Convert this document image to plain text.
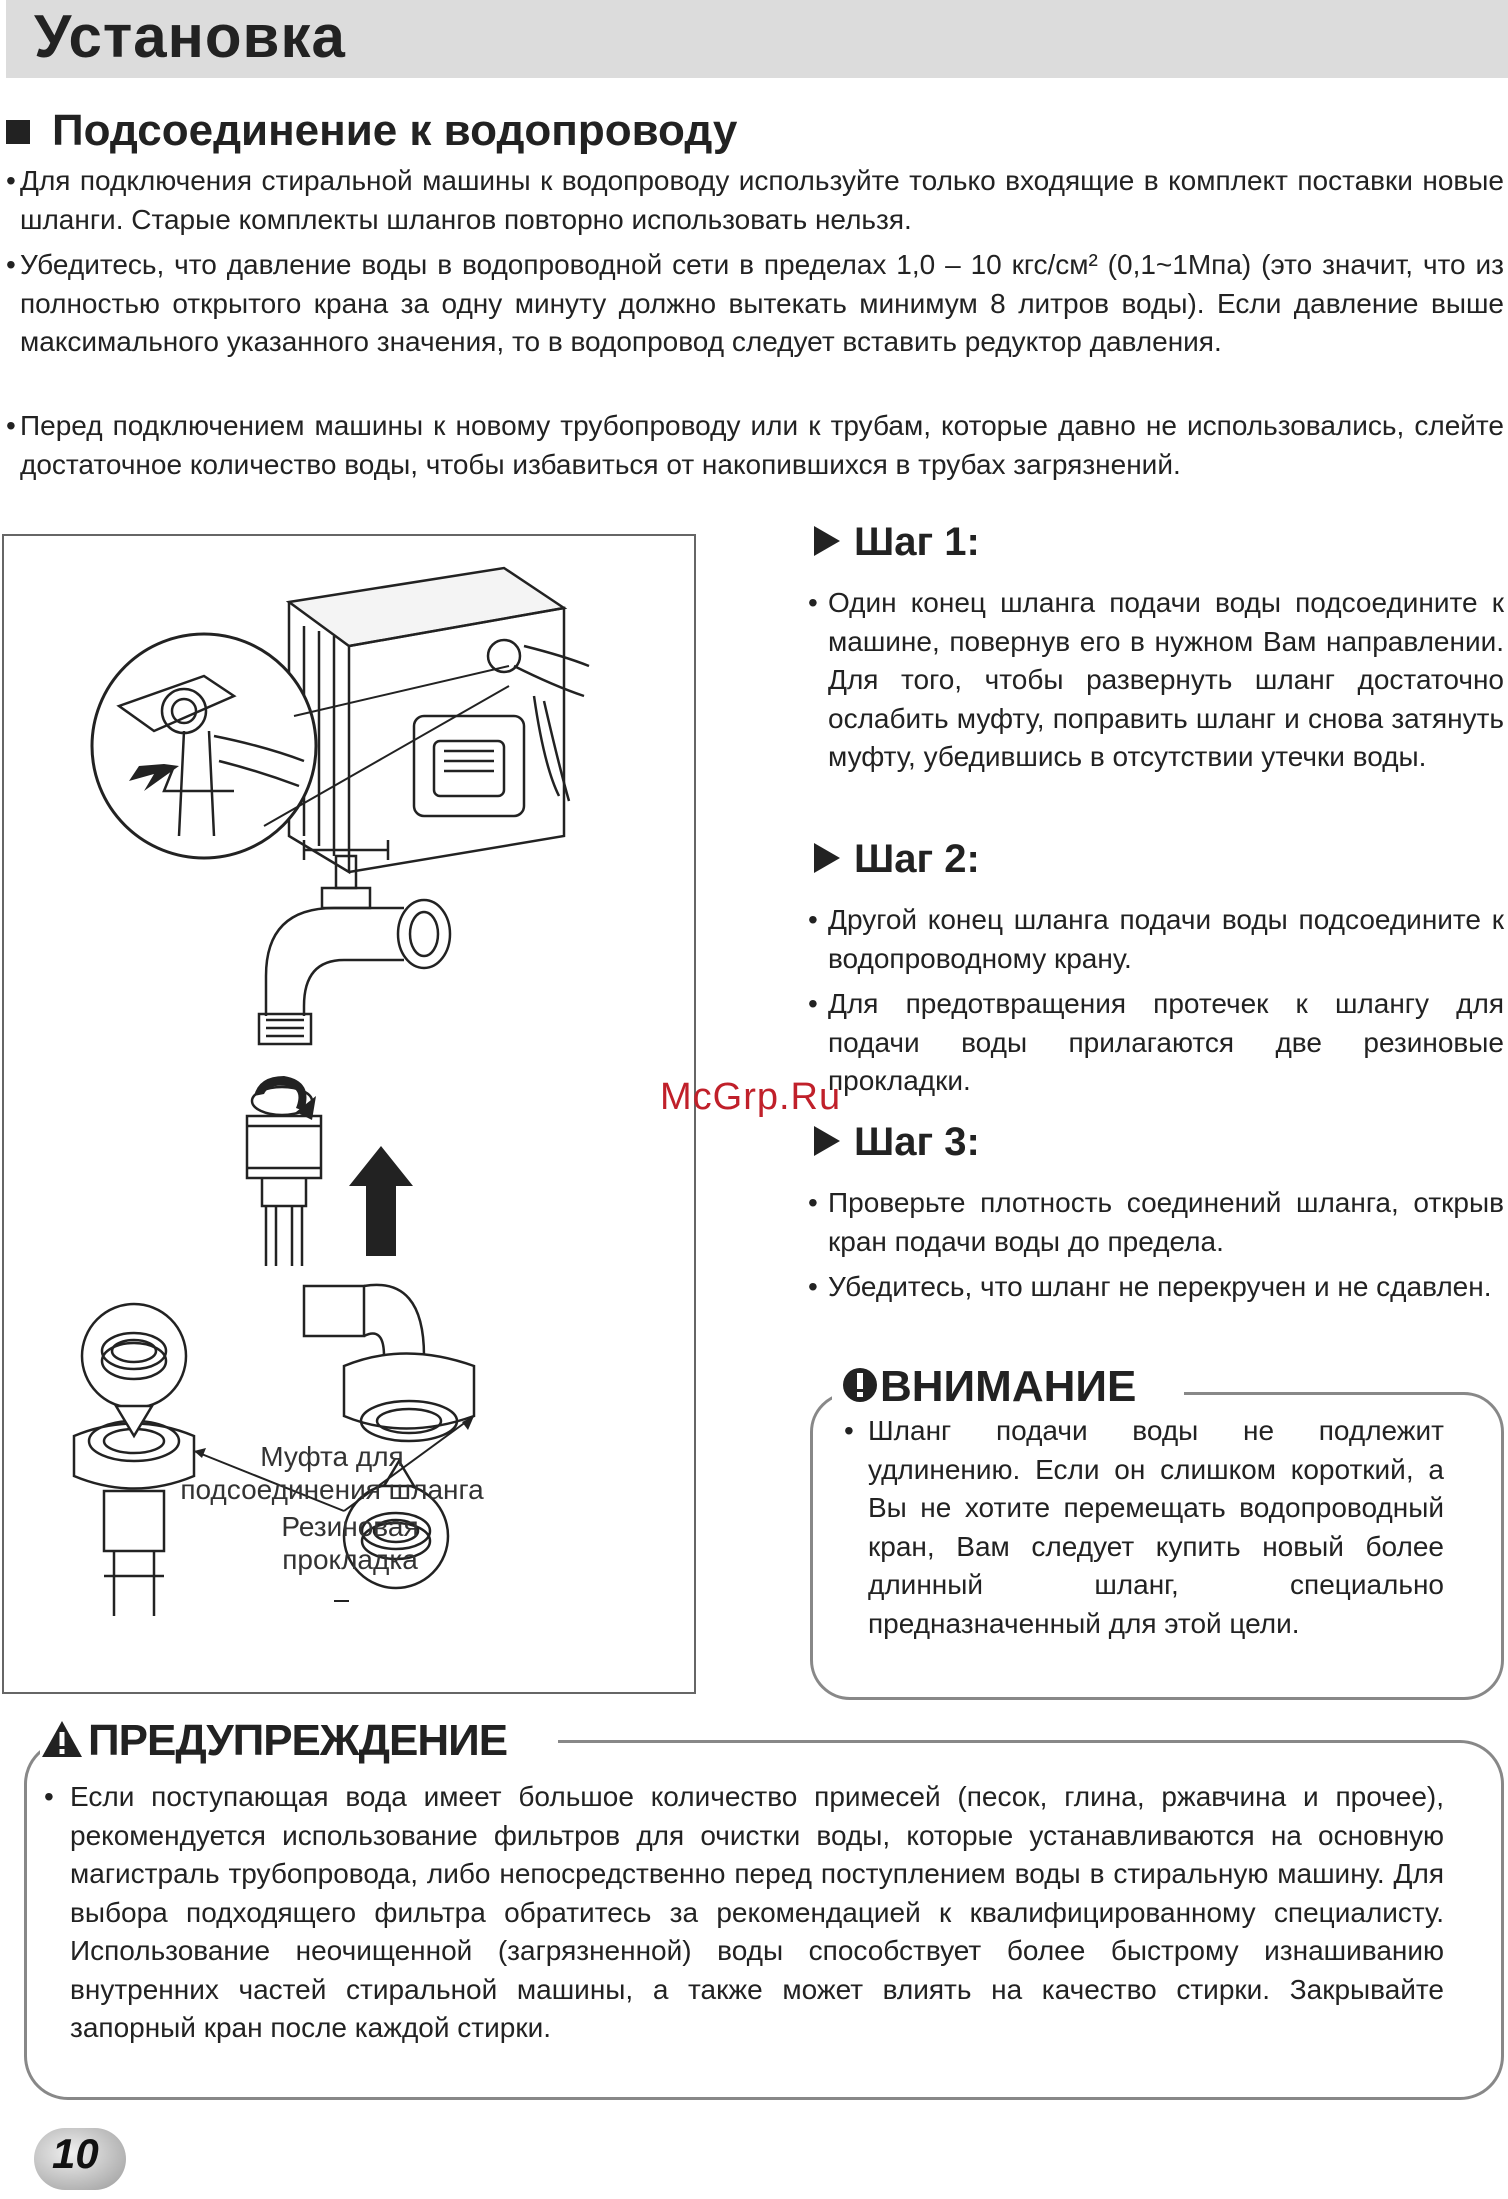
Установка
Подсоединение к водопроводу
• Для подключения стиральной машины к водопроводу используйте только входящие в комплект поставки новые шланги. Старые комплекты шлангов повторно использовать нельзя.
• Убедитесь, что давление воды в водопроводной сети в пределах 1,0 – 10 кгс/см² (0,1~1Мпа) (это значит, что из полностью открытого крана за одну минуту должно вытекать минимум 8 литров воды). Если давление выше максимального указанного значения, то в водопровод следует вставить редуктор давления.
• Перед подключением машины к новому трубопроводу или к трубам, которые давно не использовались, слейте достаточное количество воды, чтобы избавиться от накопившихся в трубах загрязнений.
Муфта для подсоединения шланга
Резиновая прокладка
McGrp.Ru
Шаг 1:
• Один конец шланга подачи воды подсоедините к машине, повернув его в нужном Вам направлении. Для того, чтобы развернуть шланг достаточно ослабить муфту, поправить шланг и снова затянуть муфту, убедившись в отсутствии утечки воды.
Шаг 2:
• Другой конец шланга подачи воды подсоедините к водопроводному крану.
• Для предотвращения протечек к шлангу для подачи воды прилагаются две резиновые прокладки.
Шаг 3:
• Проверьте плотность соединений шланга, открыв кран подачи воды до предела.
• Убедитесь, что шланг не перекручен и не сдавлен.
ВНИМАНИЕ
• Шланг подачи воды не подлежит удлинению. Если он слишком короткий, а Вы не хотите перемещать водопроводный кран, Вам следует купить новый более длинный шланг, специально предназначенный для этой цели.
ПРЕДУПРЕЖДЕНИЕ
• Если поступающая вода имеет большое количество примесей (песок, глина, ржавчина и прочее), рекомендуется использование фильтров для очистки воды, которые устанавливаются на основную магистраль трубопровода, либо непосредственно перед поступлением воды в стиральную машину. Для выбора подходящего фильтра обратитесь за рекомендацией к квалифицированному специалисту. Использование неочищенной (загрязненной) воды способствует более быстрому изнашиванию внутренних частей стиральной машины, а также может влиять на качество стирки. Закрывайте запорный кран после каждой стирки.
10
